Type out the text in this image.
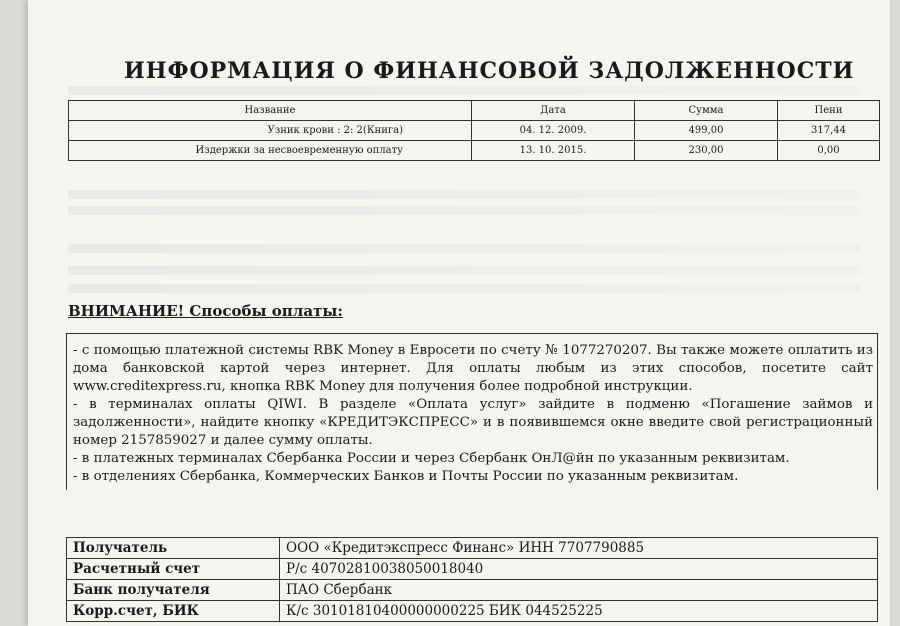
ИНФОРМАЦИЯ О ФИНАНСОВОЙ ЗАДОЛЖЕННОСТИ
Название	Дата	Сумма	Пени
Узник крови : 2: 2(Книга)	04. 12. 2009.	499,00	317,44
Издержки за несвоевременную оплату	13. 10. 2015.	230,00	0,00
ВНИМАНИЕ! Способы оплаты:

- с помощью платежной системы RBK Money в Евросети по счету № 1077270207. Вы также можете оплатить из дома банковской картой через интернет. Для оплаты любым из этих способов, посетите сайт www.creditexpress.ru, кнопка RBK Money для получения более подробной инструкции.

- в терминалах оплаты QIWI. В разделе «Оплата услуг» зайдите в подменю «Погашение займов и задолженности», найдите кнопку «КРЕДИТЭКСПРЕСС» и в появившемся окне введите свой регистрационный номер 2157859027 и далее сумму оплаты.

- в платежных терминалах Сбербанка России и через Сбербанк ОнЛ@йн по указанным реквизитам.

- в отделениях Сбербанка, Коммерческих Банков и Почты России по указанным реквизитам.

Получатель	ООО «Кредитэкспресс Финанс» ИНН 7707790885
Расчетный счет	Р/с 40702810038050018040
Банк получателя	ПАО Сбербанк
Корр.счет, БИК	К/с 30101810400000000225 БИК 044525225
